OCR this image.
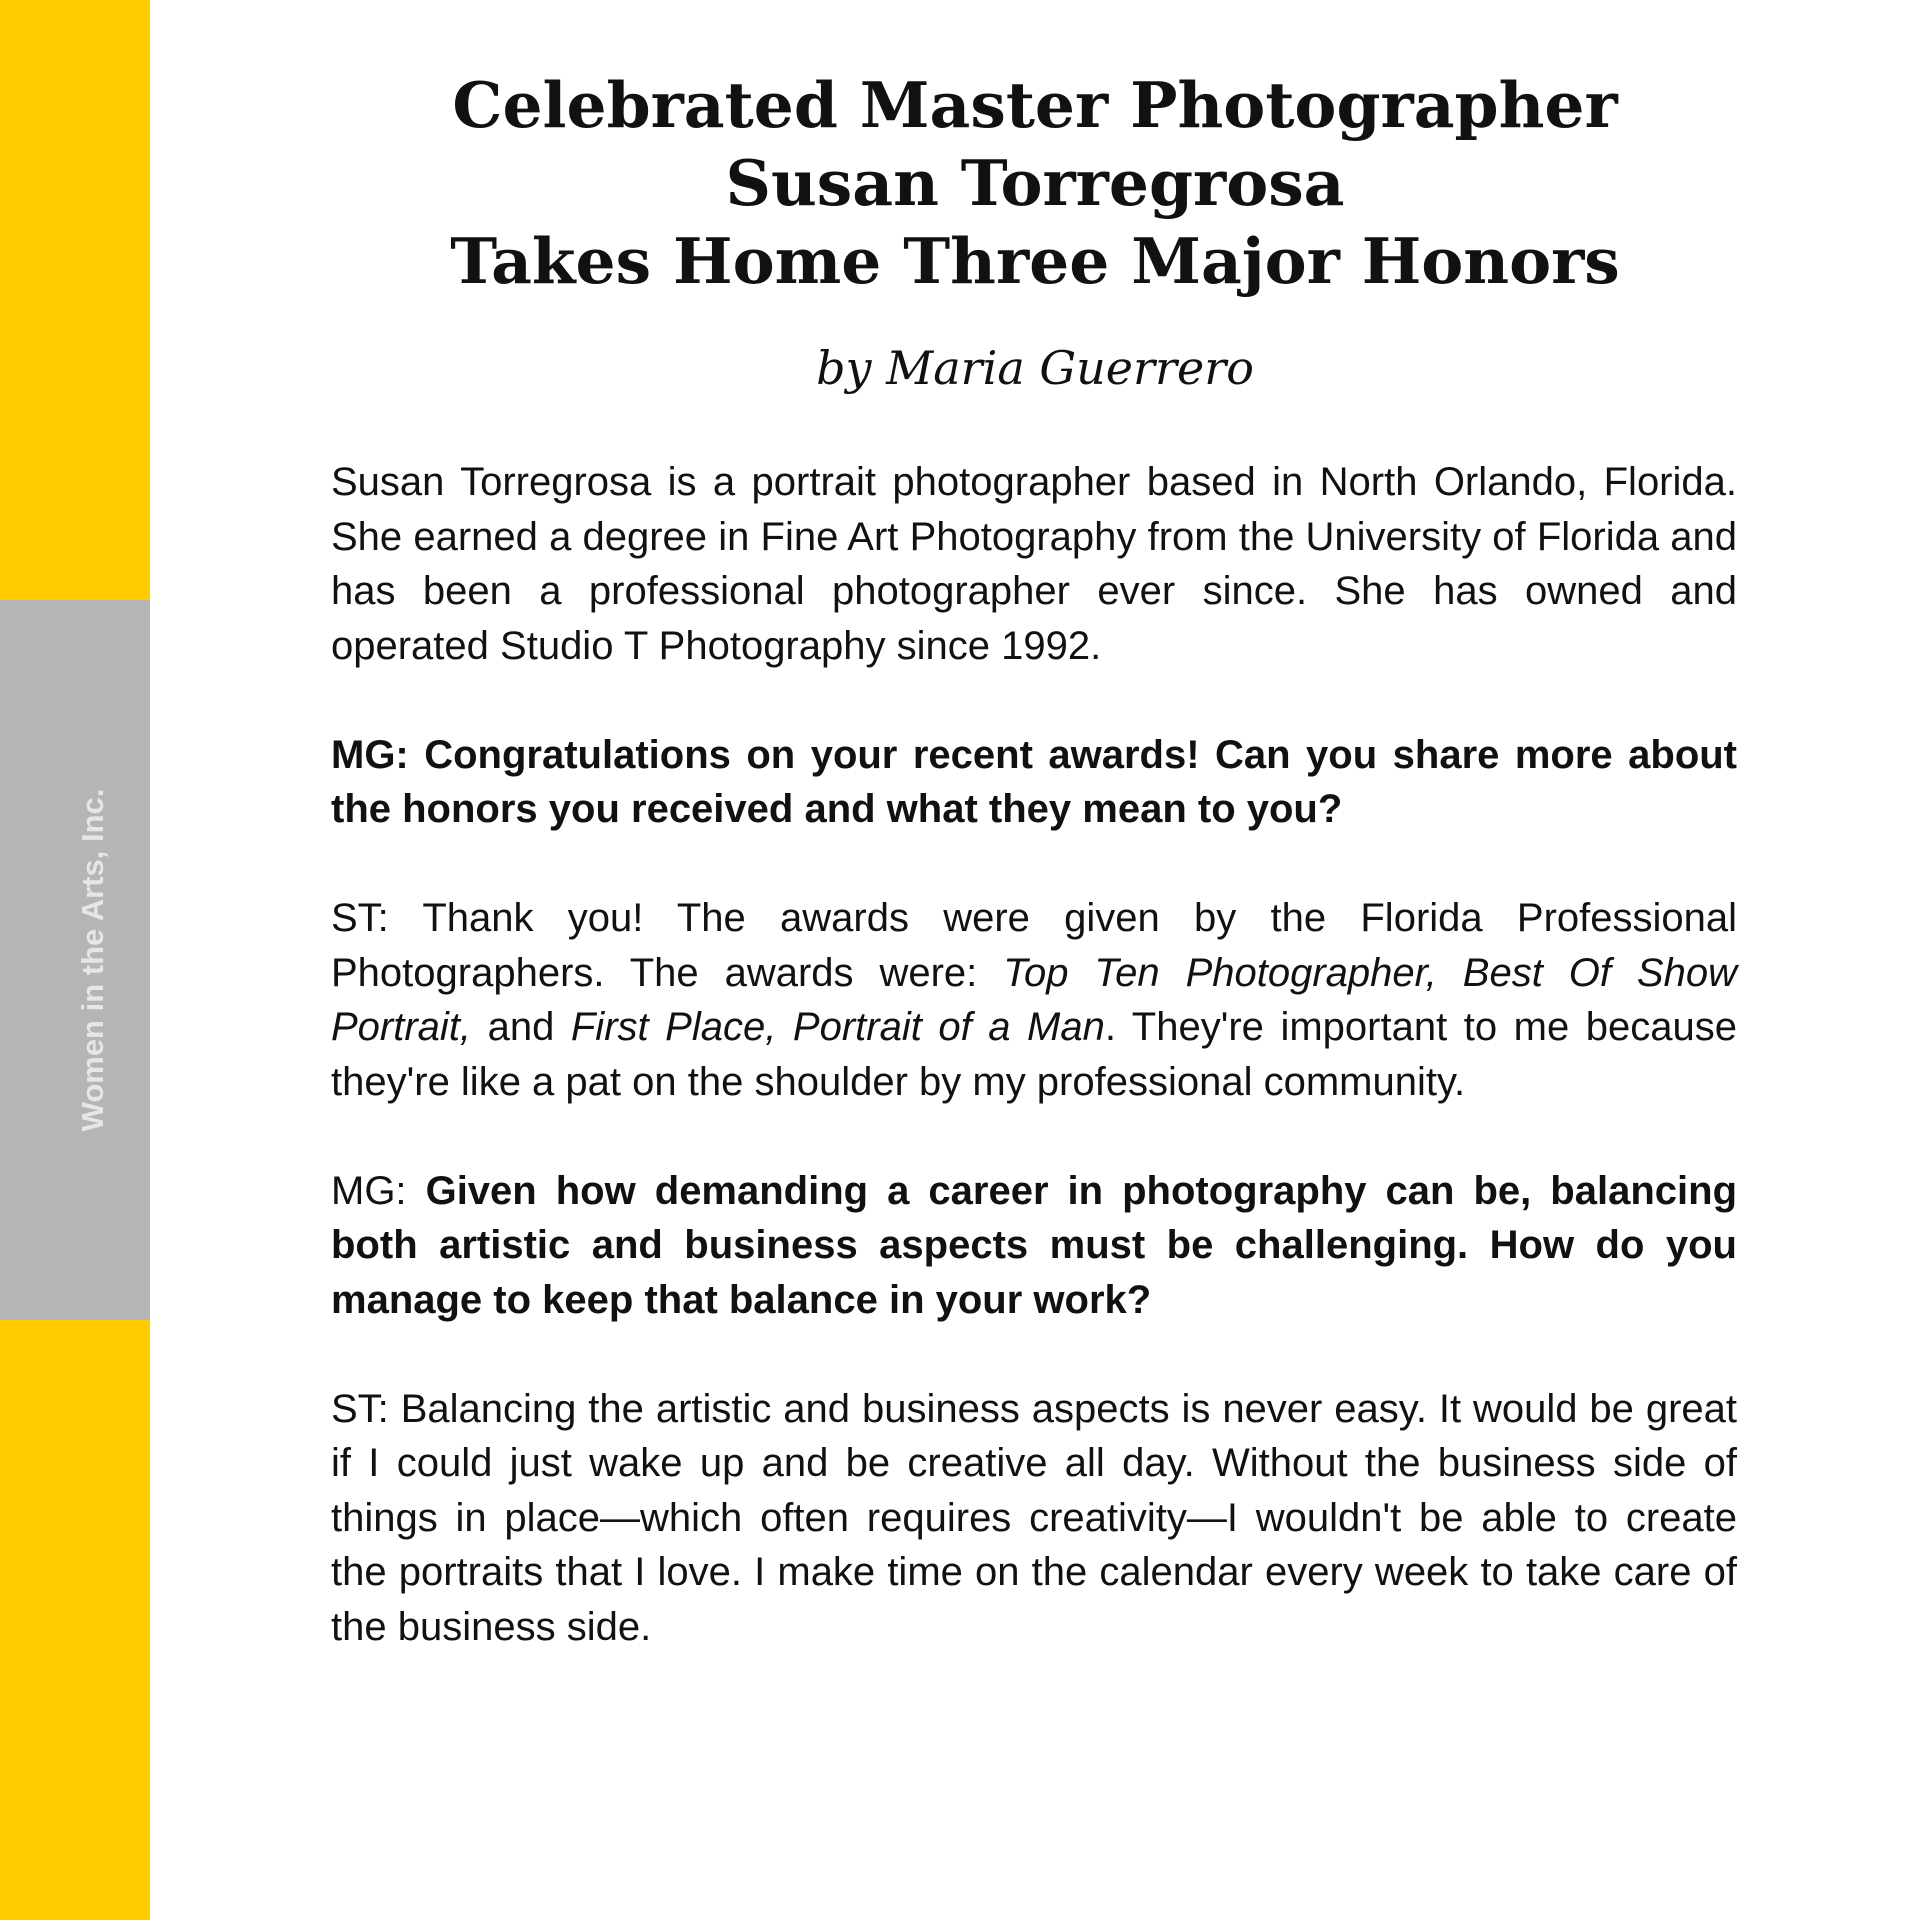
Women in the Arts, Inc.
Celebrated Master Photographer
Susan Torregrosa
Takes Home Three Major Honors

by Maria Guerrero

Susan Torregrosa is a portrait photographer based in North Orlando, Florida. She earned a degree in Fine Art Photography from the University of Florida and has been a professional photographer ever since. She has owned and operated Studio T Photography since 1992.

MG: Congratulations on your recent awards! Can you share more about the honors you received and what they mean to you?

ST: Thank you! The awards were given by the Florida Professional Photographers. The awards were: Top Ten Photographer, Best Of Show Portrait, and First Place, Portrait of a Man. They're important to me because they're like a pat on the shoulder by my professional community.

MG: Given how demanding a career in photography can be, balancing both artistic and business aspects must be challenging. How do you manage to keep that balance in your work?

ST: Balancing the artistic and business aspects is never easy. It would be great if I could just wake up and be creative all day. Without the business side of things in place—which often requires creativity—I wouldn't be able to create the portraits that I love. I make time on the calendar every week to take care of the business side.
